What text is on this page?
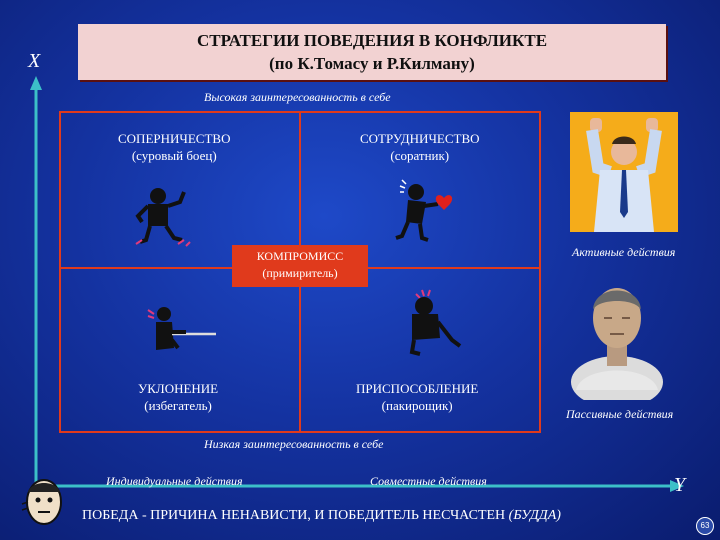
СТРАТЕГИИ ПОВЕДЕНИЯ В КОНФЛИКТЕ
(по К.Томасу и Р.Килману)
X
Y
Высокая заинтересованность в себе
Низкая заинтересованность в себе
Индивидуальные действия	Совместные действия
СОПЕРНИЧЕСТВО
(суровый боец)
СОТРУДНИЧЕСТВО
(соратник)
КОМПРОМИСС
(примиритель)
УКЛОНЕНИЕ
(избегатель)
ПРИСПОСОБЛЕНИЕ
(пакирощик)
Активные действия
Пассивные действия
ПОБЕДА - ПРИЧИНА НЕНАВИСТИ, И ПОБЕДИТЕЛЬ НЕСЧАСТЕН (БУДДА)
63
